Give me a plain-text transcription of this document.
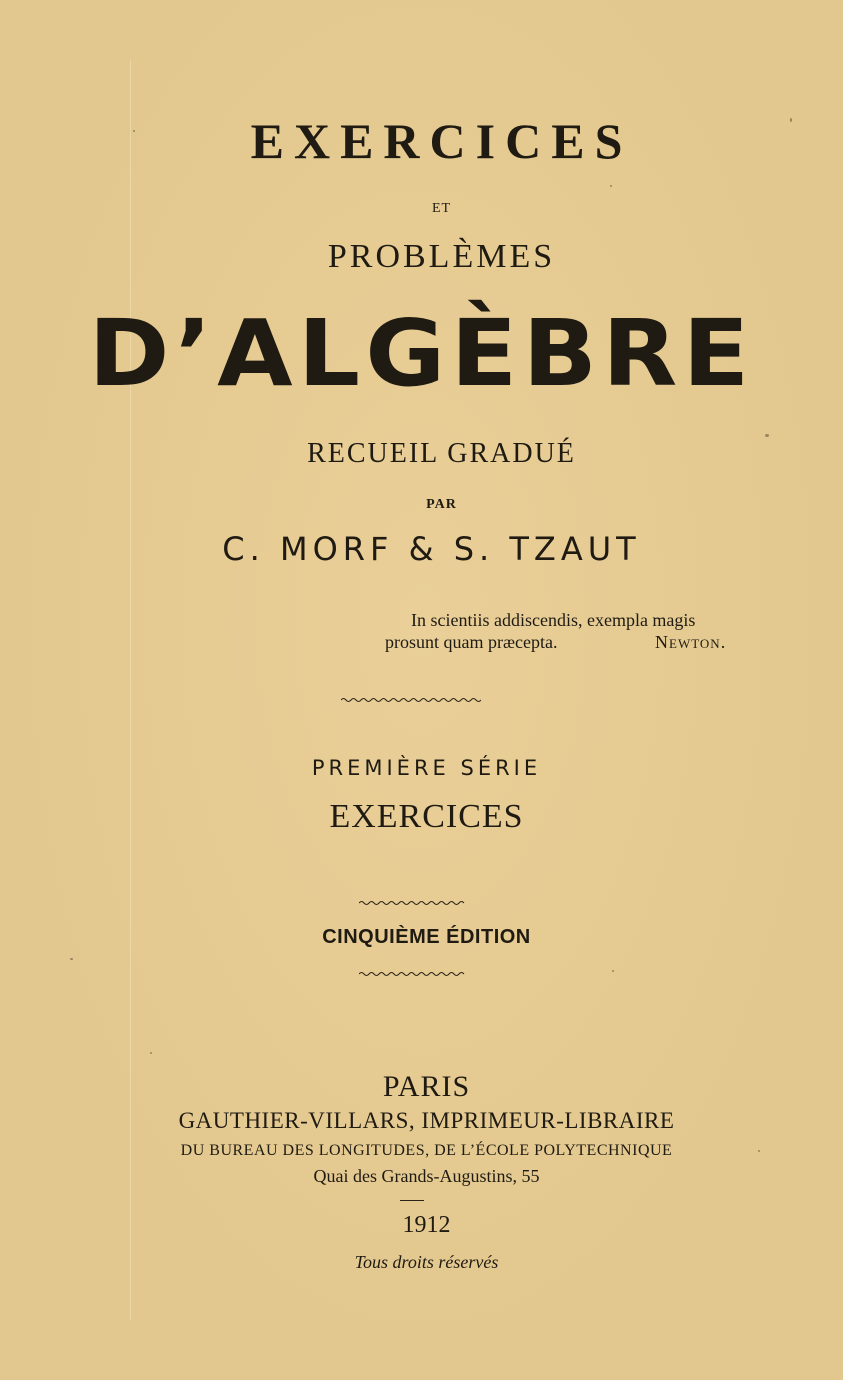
EXERCICES
ET
PROBLÈMES
D’ALGÈBRE
RECUEIL GRADUÉ
PAR
C. MORF & S. TZAUT
In scientiis addiscendis, exempla magis
prosunt quam præcepta.	Newton.
PREMIÈRE SÉRIE
EXERCICES
CINQUIÈME ÉDITION
PARIS
GAUTHIER-VILLARS, IMPRIMEUR-LIBRAIRE
DU BUREAU DES LONGITUDES, DE L’ÉCOLE POLYTECHNIQUE
Quai des Grands-Augustins, 55
1912
Tous droits réservés
